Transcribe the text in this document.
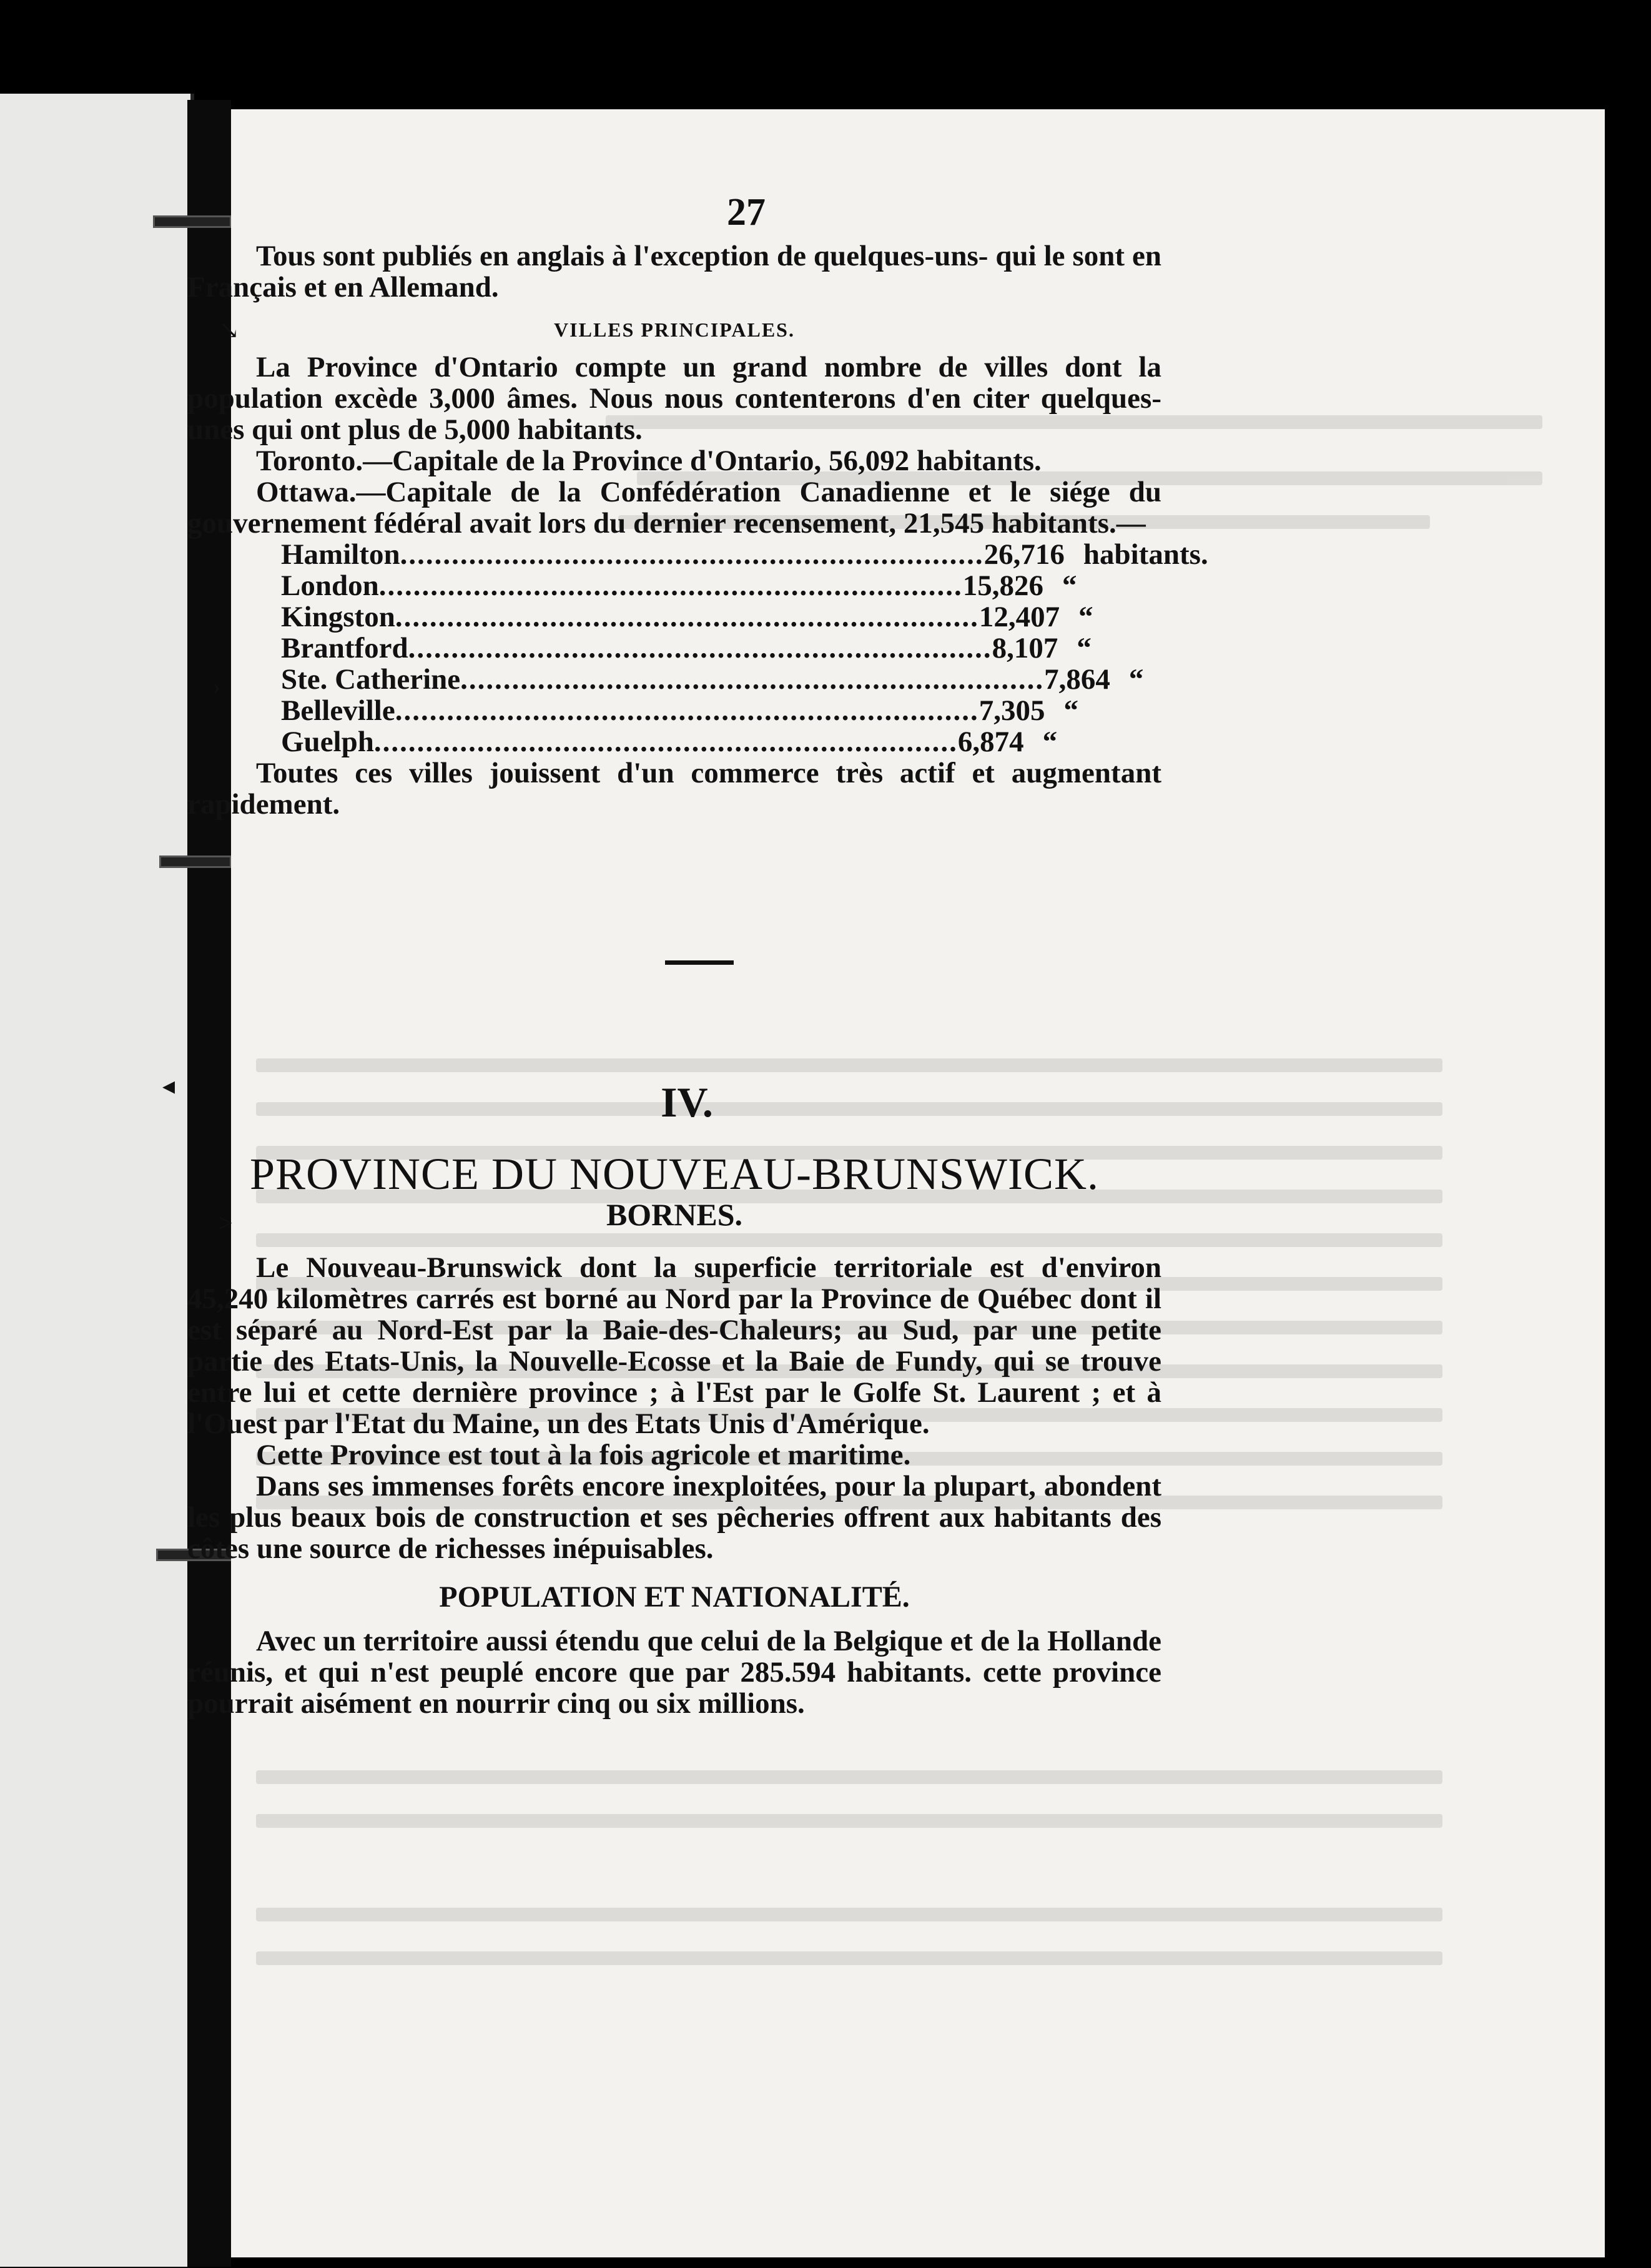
↘
›
◂
˃
27

Tous sont publiés en anglais à l'exception de quelques-uns- qui le sont en Français et en Allemand.

VILLES PRINCIPALES.

La Province d'Ontario compte un grand nombre de villes dont la population excède 3,000 âmes. Nous nous contenterons d'en citer quelques-unes qui ont plus de 5,000 habitants.

Toronto.—Capitale de la Province d'Ontario, 56,092 habitants.

Ottawa.—Capitale de la Confédération Canadienne et le siége du gouvernement fédéral avait lors du dernier recensement, 21,545 habitants.—

Hamilton .................................................................... 26,716 habitants.
London .................................................................... 15,826 “
Kingston .................................................................... 12,407 “
Brantford .................................................................... 8,107 “
Ste. Catherine .................................................................... 7,864 “
Belleville .................................................................... 7,305 “
Guelph .................................................................... 6,874 “

Toutes ces villes jouissent d'un commerce très actif et augmentant rapidement.

IV.
PROVINCE DU NOUVEAU-BRUNSWICK.
BORNES.

Le Nouveau-Brunswick dont la superficie territoriale est d'environ 45,240 kilomètres carrés est borné au Nord par la Province de Québec dont il est séparé au Nord-Est par la Baie-des-Chaleurs; au Sud, par une petite partie des Etats-Unis, la Nouvelle-Ecosse et la Baie de Fundy, qui se trouve entre lui et cette dernière province ; à l'Est par le Golfe St. Laurent ; et à l'Ouest par l'Etat du Maine, un des Etats Unis d'Amérique.

Cette Province est tout à la fois agricole et maritime.

Dans ses immenses forêts encore inexploitées, pour la plupart, abondent les plus beaux bois de construction et ses pêcheries offrent aux habitants des côtes une source de richesses inépuisables.

POPULATION ET NATIONALITÉ.

Avec un territoire aussi étendu que celui de la Belgique et de la Hollande réunis, et qui n'est peuplé encore que par 285.594 habitants. cette province pourrait aisément en nourrir cinq ou six millions.
